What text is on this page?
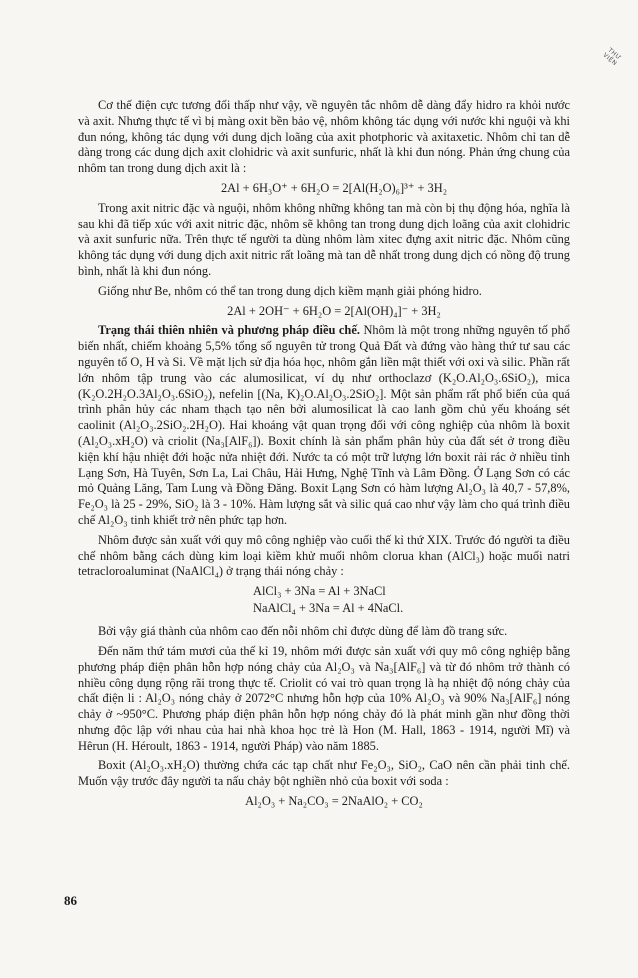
THƯ VIỆN

Cơ thế điện cực tương đối thấp như vậy, về nguyên tắc nhôm dễ dàng đẩy hidro ra khỏi nước và axit. Nhưng thực tế vì bị màng oxit bền bảo vệ, nhôm không tác dụng với nước khi nguội và khi đun nóng, không tác dụng với dung dịch loãng của axit photphoric và axitaxetic. Nhôm chỉ tan dễ dàng trong các dung dịch axit clohidric và axit sunfuric, nhất là khi đun nóng. Phản ứng chung của nhôm tan trong dung dịch axit là :

2Al + 6H₃O⁺ + 6H₂O = 2[Al(H₂O)₆]³⁺ + 3H₂

Trong axit nitric đặc và nguội, nhôm không những không tan mà còn bị thụ động hóa, nghĩa là sau khi đã tiếp xúc với axit nitric đặc, nhôm sẽ không tan trong dung dịch loãng của axit clohidric và axit sunfuric nữa. Trên thực tế người ta dùng nhôm làm xitec đựng axit nitric đặc. Nhôm cũng không tác dụng với dung dịch axit nitric rất loãng mà tan dễ nhất trong dung dịch có nồng độ trung bình, nhất là khi đun nóng.

Giống như Be, nhôm có thể tan trong dung dịch kiềm mạnh giải phóng hidro.

2Al + 2OH⁻ + 6H₂O = 2[Al(OH)₄]⁻ + 3H₂

Trạng thái thiên nhiên và phương pháp điều chế. Nhôm là một trong những nguyên tố phổ biến nhất, chiếm khoảng 5,5% tổng số nguyên tử trong Quả Đất và đứng vào hàng thứ tư sau các nguyên tố O, H và Si. Về mặt lịch sử địa hóa học, nhôm gắn liền mật thiết với oxi và silic. Phần rất lớn nhôm tập trung vào các alumosilicat, ví dụ như orthoclazơ (K₂O.Al₂O₃.6SiO₂), mica (K₂O.2H₂O.3Al₂O₃.6SiO₂), nefelin [(Na, K)₂O.Al₂O₃.2SiO₂]. Một sản phẩm rất phổ biến của quá trình phân hủy các nham thạch tạo nên bởi alumosilicat là cao lanh gồm chủ yếu khoáng sét caolinit (Al₂O₃.2SiO₂.2H₂O). Hai khoáng vật quan trọng đối với công nghiệp của nhôm là boxit (Al₂O₃.xH₂O) và criolit (Na₃[AlF₆]). Boxit chính là sản phẩm phân hủy của đất sét ở trong điều kiện khí hậu nhiệt đới hoặc nửa nhiệt đới. Nước ta có một trữ lượng lớn boxit rải rác ở nhiều tỉnh Lạng Sơn, Hà Tuyên, Sơn La, Lai Châu, Hải Hưng, Nghệ Tĩnh và Lâm Đồng. Ở Lạng Sơn có các mỏ Quảng Lăng, Tam Lung và Đồng Đăng. Boxit Lạng Sơn có hàm lượng Al₂O₃ là 40,7 - 57,8%, Fe₂O₃ là 25 - 29%, SiO₂ là 3 - 10%. Hàm lượng sắt và silic quá cao như vậy làm cho quá trình điều chế Al₂O₃ tinh khiết trở nên phức tạp hơn.

Nhôm được sản xuất với quy mô công nghiệp vào cuối thế kỉ thứ XIX. Trước đó người ta điều chế nhôm bằng cách dùng kim loại kiềm khử muối nhôm clorua khan (AlCl₃) hoặc muối natri tetracloroaluminat (NaAlCl₄) ở trạng thái nóng chảy :

AlCl₃ + 3Na = Al + 3NaCl
NaAlCl₄ + 3Na = Al + 4NaCl.

Bởi vậy giá thành của nhôm cao đến nỗi nhôm chỉ được dùng để làm đồ trang sức.

Đến năm thứ tám mươi của thế kỉ 19, nhôm mới được sản xuất với quy mô công nghiệp bằng phương pháp điện phân hỗn hợp nóng chảy của Al₂O₃ và Na₃[AlF₆] và từ đó nhôm trở thành có nhiều công dụng rộng rãi trong thực tế. Criolit có vai trò quan trọng là hạ nhiệt độ nóng chảy của chất điện li : Al₂O₃ nóng chảy ở 2072°C nhưng hỗn hợp của 10% Al₂O₃ và 90% Na₃[AlF₆] nóng chảy ở ~950°C. Phương pháp điện phân hỗn hợp nóng chảy đó là phát minh gần như đồng thời nhưng độc lập với nhau của hai nhà khoa học trẻ là Hon (M. Hall, 1863 - 1914, người Mĩ) và Hêrun (H. Héroult, 1863 - 1914, người Pháp) vào năm 1885.

Boxit (Al₂O₃.xH₂O) thường chứa các tạp chất như Fe₂O₃, SiO₂, CaO nên cần phải tinh chế. Muốn vậy trước đây người ta nấu chảy bột nghiền nhỏ của boxit với soda :

Al₂O₃ + Na₂CO₃ = 2NaAlO₂ + CO₂

86
